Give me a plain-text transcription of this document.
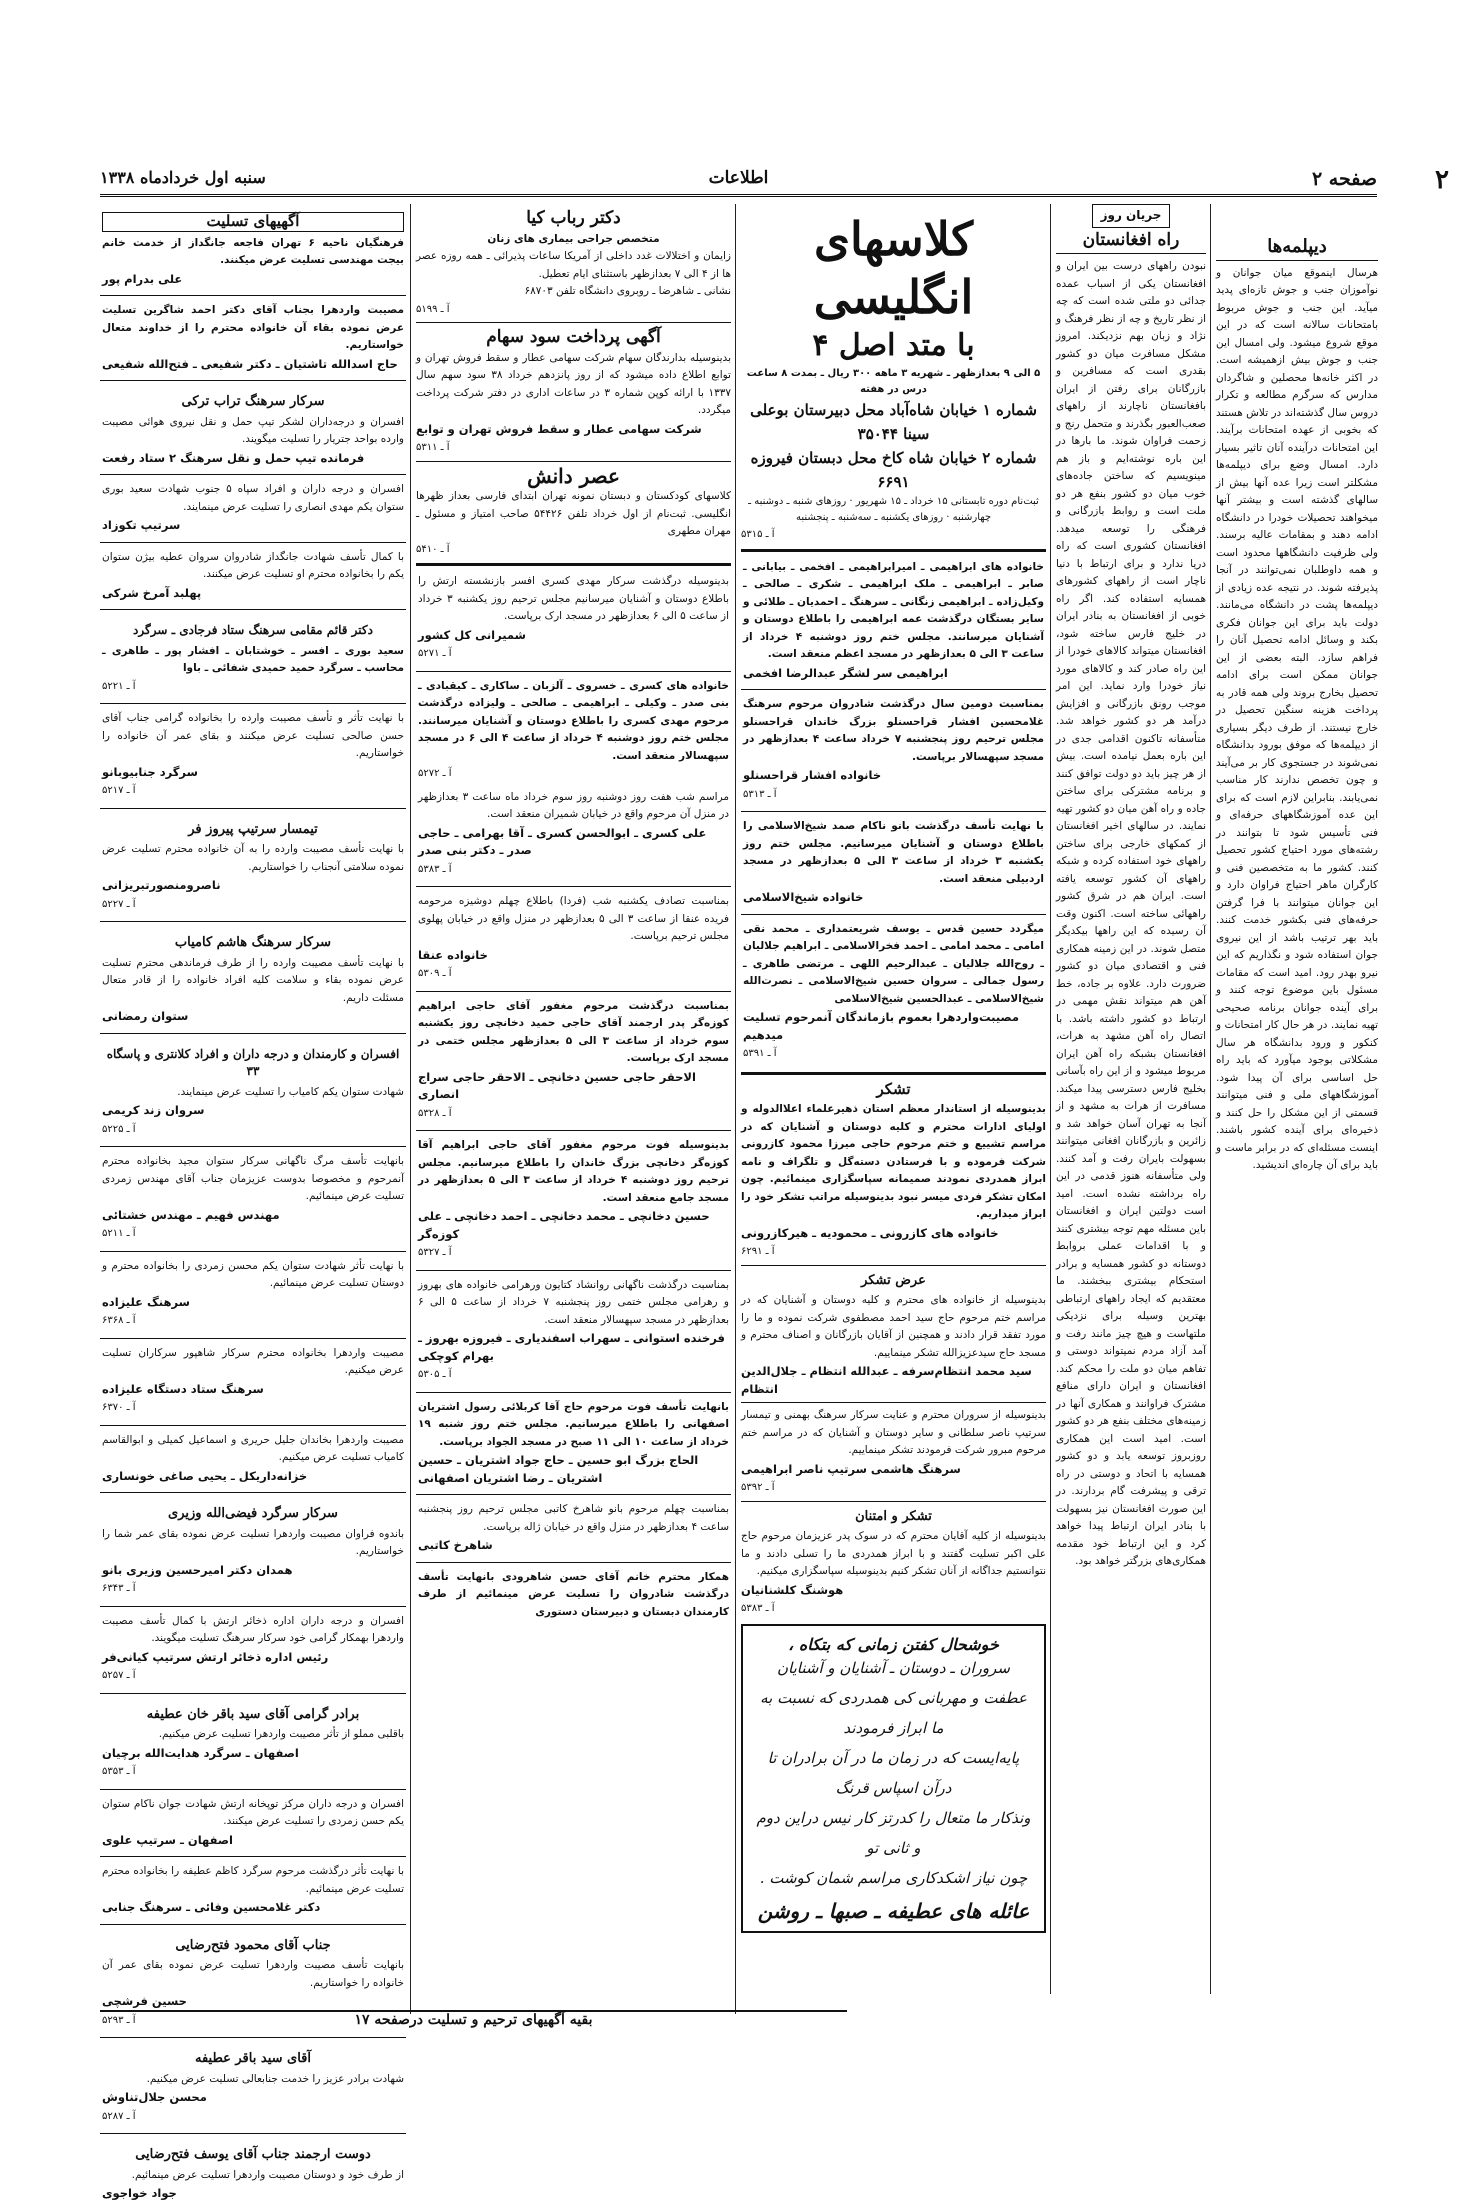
۲
صفحه ۲
اطلاعات
سنبه اول خردادماه ۱۳۳۸
دیپلمه‌ها
هرسال اینموقع میان جوانان و نوآموزان جنب و جوش تازه‌ای پدید میآید. این جنب و جوش مربوط بامتحانات سالانه است که در این موقع شروع میشود. ولی امسال این جنب و جوش بیش ازهمیشه است. در اکثر خانه‌ها محصلین و شاگردان مدارس که سرگرم مطالعه و تکرار دروس سال گذشته‌اند در تلاش هستند که بخوبی از عهده امتحانات برآیند. این امتحانات درآینده آنان تاثیر بسیار دارد. امسال وضع برای دیپلمه‌ها مشکلتر است زیرا عده آنها بیش از سالهای گذشته است و بیشتر آنها میخواهند تحصیلات خودرا در دانشگاه ادامه دهند و بمقامات عالیه برسند. ولی ظرفیت دانشگاهها محدود است و همه داوطلبان نمی‌توانند در آنجا پذیرفته شوند. در نتیجه عده زیادی از دیپلمه‌ها پشت در دانشگاه می‌مانند. دولت باید برای این جوانان فکری بکند و وسائل ادامه تحصیل آنان را فراهم سازد. البته بعضی از این جوانان ممکن است برای ادامه تحصیل بخارج بروند ولی همه قادر به پرداخت هزینه سنگین تحصیل در خارج نیستند. از طرف دیگر بسیاری از دیپلمه‌ها که موفق بورود بدانشگاه نمی‌شوند در جستجوی کار بر می‌آیند و چون تخصص ندارند کار مناسب نمی‌یابند. بنابراین لازم است که برای این عده آموزشگاههای حرفه‌ای و فنی تأسیس شود تا بتوانند در رشته‌های مورد احتیاج کشور تحصیل کنند. کشور ما به متخصصین فنی و کارگران ماهر احتیاج فراوان دارد و این جوانان میتوانند با فرا گرفتن حرفه‌های فنی بکشور خدمت کنند. باید بهر ترتیب باشد از این نیروی جوان استفاده شود و نگذاریم که این نیرو بهدر رود. امید است که مقامات مسئول باین موضوع توجه کنند و برای آینده جوانان برنامه صحیحی تهیه نمایند. در هر حال کار امتحانات و کنکور و ورود بدانشگاه هر سال مشکلاتی بوجود میآورد که باید راه حل اساسی برای آن پیدا شود. آموزشگاههای ملی و فنی میتوانند قسمتی از این مشکل را حل کنند و ذخیره‌ای برای آینده کشور باشند. اینست مسئله‌ای که در برابر ماست و باید برای آن چاره‌ای اندیشید.
جریان روز
راه افغانستان
نبودن راههای درست بین ایران و افغانستان یکی از اسباب عمده جدائی دو ملتی شده است که چه از نظر تاریخ و چه از نظر فرهنگ و نژاد و زبان بهم نزدیکند. امروز مشکل مسافرت میان دو کشور بقدری است که مسافرین و بازرگانان برای رفتن از ایران بافغانستان ناچارند از راههای صعب‌العبور بگذرند و متحمل رنج و زحمت فراوان شوند. ما بارها در این باره نوشته‌ایم و باز هم مینویسیم که ساختن جاده‌های خوب میان دو کشور بنفع هر دو ملت است و روابط بازرگانی و فرهنگی را توسعه میدهد. افغانستان کشوری است که راه دریا ندارد و برای ارتباط با دنیا ناچار است از راههای کشورهای همسایه استفاده کند. اگر راه خوبی از افغانستان به بنادر ایران در خلیج فارس ساخته شود، افغانستان میتواند کالاهای خودرا از این راه صادر کند و کالاهای مورد نیاز خودرا وارد نماید. این امر موجب رونق بازرگانی و افزایش درآمد هر دو کشور خواهد شد. متأسفانه تاکنون اقدامی جدی در این باره بعمل نیامده است. بیش از هر چیز باید دو دولت توافق کنند و برنامه مشترکی برای ساختن جاده و راه آهن میان دو کشور تهیه نمایند. در سالهای اخیر افغانستان از کمکهای خارجی برای ساختن راههای خود استفاده کرده و شبکه راههای آن کشور توسعه یافته است. ایران هم در شرق کشور راههائی ساخته است. اکنون وقت آن رسیده که این راهها بیکدیگر متصل شوند. در این زمینه همکاری فنی و اقتصادی میان دو کشور ضرورت دارد. علاوه بر جاده، خط آهن هم میتواند نقش مهمی در ارتباط دو کشور داشته باشد. با اتصال راه آهن مشهد به هرات، افغانستان بشبکه راه آهن ایران مربوط میشود و از این راه بآسانی بخلیج فارس دسترسی پیدا میکند. مسافرت از هرات به مشهد و از آنجا به تهران آسان خواهد شد و زائرین و بازرگانان افغانی میتوانند بسهولت بایران رفت و آمد کنند. ولی متأسفانه هنوز قدمی در این راه برداشته نشده است. امید است دولتین ایران و افغانستان باین مسئله مهم توجه بیشتری کنند و با اقدامات عملی بروابط دوستانه دو کشور همسایه و برادر استحکام بیشتری ببخشند. ما معتقدیم که ایجاد راههای ارتباطی بهترین وسیله برای نزدیکی ملتهاست و هیچ چیز مانند رفت و آمد آزاد مردم نمیتواند دوستی و تفاهم میان دو ملت را محکم کند. افغانستان و ایران دارای منافع مشترک فراوانند و همکاری آنها در زمینه‌های مختلف بنفع هر دو کشور است. امید است این همکاری روزبروز توسعه یابد و دو کشور همسایه با اتحاد و دوستی در راه ترقی و پیشرفت گام بردارند. در این صورت افغانستان نیز بسهولت با بنادر ایران ارتباط پیدا خواهد کرد و این ارتباط خود مقدمه همکاری‌های بزرگتر خواهد بود.
کلاسهای انگلیسی
با متد اصل ۴
۵ الی ۹ بعدازظهر ـ شهریه ۳ ماهه ۳۰۰ ریال ـ بمدت ۸ ساعت درس در هفته
شماره ۱ خیابان شاه‌آباد محل دبیرستان بوعلی سینا ۳۵۰۴۴
شماره ۲ خیابان شاه کاخ محل دبستان فیروزه ۶۶۹۱
ثبت‌نام دوره تابستانی ۱۵ خرداد ـ ۱۵ شهریور · روزهای شنبه ـ دوشنبه ـ چهارشنبه · روزهای یکشنبه ـ سه‌شنبه ـ پنجشنبه
آ ـ ۵۳۱۵
خانواده های ابراهیمی ـ امیرابراهیمی ـ افخمی ـ بیابانی ـ صابر ـ ابراهیمی ـ ملک ابراهیمی ـ شکری ـ صالحی ـ وکیل‌زاده ـ ابراهیمی زنگانی ـ سرهنگ ـ احمدیان ـ طلائی و سایر بستگان درگذشت عمه ابراهیمی را باطلاع دوستان و آشنایان میرسانند. مجلس ختم روز دوشنبه ۴ خرداد از ساعت ۳ الی ۵ بعدازظهر در مسجد اعظم منعقد است.
ابراهیمی سر لشگر عبدالرضا افخمی
بمناسبت دومین سال درگذشت شادروان مرحوم سرهنگ غلامحسین افشار قراحسنلو بزرگ خاندان قراحسنلو مجلس ترحیم روز پنجشنبه ۷ خرداد ساعت ۴ بعدازظهر در مسجد سپهسالار برپاست.
خانواده افشار قراحسنلو
آ ـ ۵۳۱۳
با نهایت تأسف درگذشت بانو ناکام صمد شیخ‌الاسلامی را باطلاع دوستان و آشنایان میرسانیم. مجلس ختم روز یکشنبه ۳ خرداد از ساعت ۳ الی ۵ بعدازظهر در مسجد اردبیلی منعقد است.
خانواده شیخ‌الاسلامی
میگردد حسین قدس ـ یوسف شریعتمداری ـ محمد نقی امامی ـ محمد امامی ـ احمد فخرالاسلامی ـ ابراهیم جلالیان ـ روح‌الله جلالیان ـ عبدالرحیم اللهی ـ مرتضی طاهری ـ رسول جمالی ـ سروان حسین شیخ‌الاسلامی ـ نصرت‌الله شیخ‌الاسلامی ـ عبدالحسین شیخ‌الاسلامی
مصیبت‌واردهرا بعموم بازماندگان آنمرحوم تسلیت میدهیم
آ ـ ۵۳۹۱
تشکر
بدینوسیله از استاندار معظم استان ذهیرعلماء اعلاالدوله و اولیای ادارات محترم و کلیه دوستان و آشنایان که در مراسم تشییع و ختم مرحوم حاجی میرزا محمود کازرونی شرکت فرموده و با فرستادن دسته‌گل و تلگراف و نامه ابراز همدردی نمودند صمیمانه سپاسگزاری مینمائیم. چون امکان تشکر فردی میسر نبود بدینوسیله مراتب تشکر خود را ابراز میداریم.
خانواده های کازرونی ـ محمودیه ـ هیرکازرونی
آ ـ ۶۲۹۱
عرض تشکر
بدینوسیله از خانواده های محترم و کلیه دوستان و آشنایان که در مراسم ختم مرحوم حاج سید احمد مصطفوی شرکت نموده و ما را مورد تفقد قرار دادند و همچنین از آقایان بازرگانان و اصناف محترم و مسجد حاج سیدعزیزالله تشکر مینماییم.
سید محمد انتظام‌سرفه ـ عبدالله انتظام ـ جلال‌الدین انتظام
بدینوسیله از سروران محترم و عنایت سرکار سرهنگ بهمنی و تیمسار سرتیپ ناصر سلطانی و سایر دوستان و آشنایان که در مراسم ختم مرحوم مبرور شرکت فرمودند تشکر مینماییم.
سرهنگ هاشمی سرتیپ ناصر ابراهیمی
آ ـ ۵۳۹۲
تشکر و امتنان
بدینوسیله از کلیه آقایان محترم که در سوک پدر عزیزمان مرحوم حاج علی اکبر تسلیت گفتند و با ابراز همدردی ما را تسلی دادند و ما نتوانستیم جداگانه از آنان تشکر کنیم بدینوسیله سپاسگزاری میکنیم.
هوشنگ کلشنانیان
آ ـ ۵۳۸۳
خوشحال کفتن زمانی که بتکاه ،
سروران ـ دوستان ـ آشنایان و آشنایان
عطفت و مهربانی کی همدردی که نسبت به ما ابراز فرمودند
پایه‌ایست که در زمان ما در آن برادران تا درآن اسپاس قرنگ
ونذکار ما متعال را کدرتز کار نیس دراین دوم و ثانی تو
چون نیاز اشکدکاری مراسم شمان کوشت .
عائله های عطیفه ـ صبها ـ روشن
دکتر رباب کیا
متخصص جراحی بیماری های زنان
زایمان و اختلالات غدد داخلی از آمریکا ساعات پذیرائی ـ همه روزه عصر ها از ۴ الی ۷ بعدازظهر باستثنای ایام تعطیل.
نشانی ـ شاهرضا ـ روبروی دانشگاه تلفن ۶۸۷۰۳
آ ـ ۵۱۹۹
آگهی پرداخت سود سهام
بدینوسیله بدارندگان سهام شرکت سهامی عطار و سقط فروش تهران و توابع اطلاع داده میشود که از روز پانزدهم خرداد ۳۸ سود سهم سال ۱۳۳۷ با ارائه کوپن شماره ۳ در ساعات اداری در دفتر شرکت پرداخت میگردد.
شرکت سهامی عطار و سقط فروش تهران و توابع
آ ـ ۵۳۱۱
عصر دانش
کلاسهای کودکستان و دبستان نمونه تهران ابتدای فارسی بعداز ظهرها انگلیسی. ثبت‌نام از اول خرداد تلفن ۵۴۴۲۶ صاحب امتیاز و مسئول ـ مهران مطهری
آ ـ ۵۴۱۰
بدینوسیله درگذشت سرکار مهدی کسری افسر بازنشسته ارتش را باطلاع دوستان و آشنایان میرسانیم مجلس ترحیم روز یکشنبه ۳ خرداد از ساعت ۵ الی ۶ بعدازظهر در مسجد ارک برپاست.
شمیرانی کل کشور
آ ـ ۵۲۷۱
خانواده های کسری ـ خسروی ـ آلزبان ـ ساکاری ـ کیقبادی ـ بنی صدر ـ وکیلی ـ ابراهیمی ـ صالحی ـ ولیزاده درگذشت مرحوم مهدی کسری را باطلاع دوستان و آشنایان میرسانند. مجلس ختم روز دوشنبه ۴ خرداد از ساعت ۴ الی ۶ در مسجد سپهسالار منعقد است.
آ ـ ۵۲۷۲
مراسم شب هفت روز دوشنبه روز سوم خرداد ماه ساعت ۳ بعدازظهر در منزل آن مرحوم واقع در خیابان شمیران منعقد است.
علی کسری ـ ابوالحسن کسری ـ آقا بهرامی ـ حاجی صدر ـ دکتر بنی صدر
آ ـ ۵۳۸۳
بمناسبت تصادف یکشنبه شب (فردا) باطلاع چهلم دوشیزه مرحومه فریده عنقا از ساعت ۳ الی ۵ بعدازظهر در منزل واقع در خیابان پهلوی مجلس ترحیم برپاست.
خانواده عنقا
آ ـ ۵۳۰۹
بمناسبت درگذشت مرحوم مغفور آقای حاجی ابراهیم کوزه‌گر پدر ارجمند آقای حاجی حمید دخانچی روز یکشنبه سوم خرداد از ساعت ۳ الی ۵ بعدازظهر مجلس ختمی در مسجد ارک برپاست.
الاحقر حاجی حسین دخانچی ـ الاحقر حاجی سراج انصاری
آ ـ ۵۳۲۸
بدینوسیله فوت مرحوم مغفور آقای حاجی ابراهیم آقا کوزه‌گر دخانچی بزرگ خاندان را باطلاع میرسانیم. مجلس ترحیم روز دوشنبه ۴ خرداد از ساعت ۳ الی ۵ بعدازظهر در مسجد جامع منعقد است.
حسین دخانچی ـ محمد دخانچی ـ احمد دخانچی ـ علی کوزه‌گر
آ ـ ۵۳۲۷
بمناسبت درگذشت ناگهانی روانشاد کتایون ورهرامی خانواده های بهروز و رهرامی مجلس ختمی روز پنجشنبه ۷ خرداد از ساعت ۵ الی ۶ بعدازظهر در مسجد سپهسالار منعقد است.
فرخنده استوانی ـ سهراب اسفندیاری ـ فیروزه بهروز ـ بهرام کوچکی
آ ـ ۵۳۰۵
بانهایت تأسف فوت مرحوم حاج آقا کربلائی رسول اشتریان اصفهانی را باطلاع میرسانیم. مجلس ختم روز شنبه ۱۹ خرداد از ساعت ۱۰ الی ۱۱ صبح در مسجد الجواد برپاست.
الحاج بزرگ ابو حسین ـ حاج جواد اشتریان ـ حسین اشتریان ـ رضا اشتریان اصفهانی
بمناسبت چهلم مرحوم بانو شاهرخ کاتبی مجلس ترحیم روز پنجشنبه ساعت ۴ بعدازظهر در منزل واقع در خیابان ژاله برپاست.
شاهرخ کاتبی
همکار محترم خانم آقای حسن شاهرودی بانهایت تأسف درگذشت شادروان را تسلیت عرض مینمائیم از طرف کارمندان دبستان و دبیرستان دستوری
آگهیهای تسلیت
فرهنگیان ناحیه ۶ تهران فاجعه جانگداز از خدمت خانم بیجت مهندسی تسلیت عرض میکنند.
علی بدرام پور
مصیبت واردهرا بجناب آقای دکتر احمد شاگرین تسلیت عرض نموده بقاء آن خانواده محترم را از خداوند متعال خواستاریم.
حاج اسدالله تاشتیان ـ دکتر شفیعی ـ فتح‌الله شفیعی
سرکار سرهنگ تراب ترکی
افسران و درجه‌داران لشکر تیپ حمل و نقل نیروی هوائی مصیبت وارده بواحد جتریار را تسلیت میگویند.
فرمانده تیپ حمل و نقل سرهنگ ۲ ستاد رفعت
افسران و درجه داران و افراد سپاه ۵ جنوب شهادت سعید بوری ستوان یکم مهدی انصاری را تسلیت عرض مینمایند.
سرتیپ تکوزاد
با کمال تأسف شهادت جانگداز شادروان سروان عطیه بیژن ستوان یکم را بخانواده محترم او تسلیت عرض میکنند.
پهلبد آمرخ شرکی
دکتر قائم مقامی سرهنگ ستاد فرجادی ـ سرگرد
سعید بوری ـ افسر ـ خوشتابان ـ افشار پور ـ طاهری ـ محاسب ـ سرگرد حمید حمیدی شفائی ـ باوا
آ ـ ۵۲۲۱
با نهایت تأثر و تأسف مصیبت وارده را بخانواده گرامی جناب آقای حسن صالحی تسلیت عرض میکنند و بقای عمر آن خانواده را خواستاریم.
سرگرد جنابیوبانو
آ ـ ۵۲۱۷
تیمسار سرتیپ پیروز فر
با نهایت تأسف مصیبت وارده را به آن خانواده محترم تسلیت عرض نموده سلامتی آنجناب را خواستاریم.
ناصرومنصورتبریزانی
آ ـ ۵۲۲۷
سرکار سرهنگ هاشم کامیاب
با نهایت تأسف مصیبت وارده را از طرف فرماندهی محترم تسلیت عرض نموده بقاء و سلامت کلیه افراد خانواده را از قادر متعال مسئلت داریم.
ستوان رمضانی
افسران و کارمندان و درجه داران و افراد کلانتری و پاسگاه ۳۳
شهادت ستوان یکم کامیاب را تسلیت عرض مینمایند.
سروان زند کریمی
آ ـ ۵۲۲۵
بانهایت تأسف مرگ ناگهانی سرکار ستوان مجید بخانواده محترم آنمرحوم و مخصوصا بدوست عزیزمان جناب آقای مهندس زمردی تسلیت عرض مینمائیم.
مهندس فهیم ـ مهندس خشتائی
آ ـ ۵۲۱۱
با نهایت تأثر شهادت ستوان یکم محسن زمردی را بخانواده محترم و دوستان تسلیت عرض مینمائیم.
سرهنگ علیزاده
آ ـ ۶۳۶۸
مصیبت واردهرا بخانواده محترم سرکار شاهپور سرکاران تسلیت عرض میکنیم.
سرهنگ ستاد دستگاه علیزاده
آ ـ ۶۳۷۰
مصیبت واردهرا بخاندان جلیل حریری و اسماعیل کمیلی و ابوالقاسم کامیاب تسلیت عرض میکنیم.
خزانه‌داریکل ـ یحیی صاغی خونساری
سرکار سرگرد فیضی‌الله وزیری
باندوه فراوان مصیبت واردهرا تسلیت عرض نموده بقای عمر شما را خواستاریم.
همدان دکتر امیرحسین وزیری بانو
آ ـ ۶۳۴۳
افسران و درجه داران اداره ذخائر ارتش با کمال تأسف مصیبت واردهرا بهمکار گرامی خود سرکار سرهنگ تسلیت میگویند.
رئیس اداره ذخائر ارتش سرتیپ کیانی‌فر
آ ـ ۵۲۵۷
برادر گرامی آقای سید باقر خان عطیفه
باقلبی مملو از تأثر مصیبت واردهرا تسلیت عرض میکنیم.
اصفهان ـ سرگرد هدایت‌الله برچیان
آ ـ ۵۳۵۳
افسران و درجه داران مرکز توپخانه ارتش شهادت جوان ناکام ستوان یکم حسن زمردی را تسلیت عرض میکنند.
اصفهان ـ سرتیپ علوی
با نهایت تأثر درگذشت مرحوم سرگرد کاظم عطیفه را بخانواده محترم تسلیت عرض مینمائیم.
دکتر غلامحسین وفائی ـ سرهنگ جنابی
جناب آقای محمود فتح‌رضایی
بانهایت تأسف مصیبت واردهرا تسلیت عرض نموده بقای عمر آن خانواده را خواستاریم.
حسین فرشچی
آ ـ ۵۲۹۳
آقای سید باقر عطیفه
شهادت برادر عزیز را خدمت جنابعالی تسلیت عرض میکنیم.
محسن جلال‌تناوش
آ ـ ۵۲۸۷
دوست ارجمند جناب آقای یوسف فتح‌رضایی
از طرف خود و دوستان مصیبت واردهرا تسلیت عرض مینمائیم.
جواد خواجوی
بقیه آگهیهای ترحیم و تسلیت درصفحه ۱۷
